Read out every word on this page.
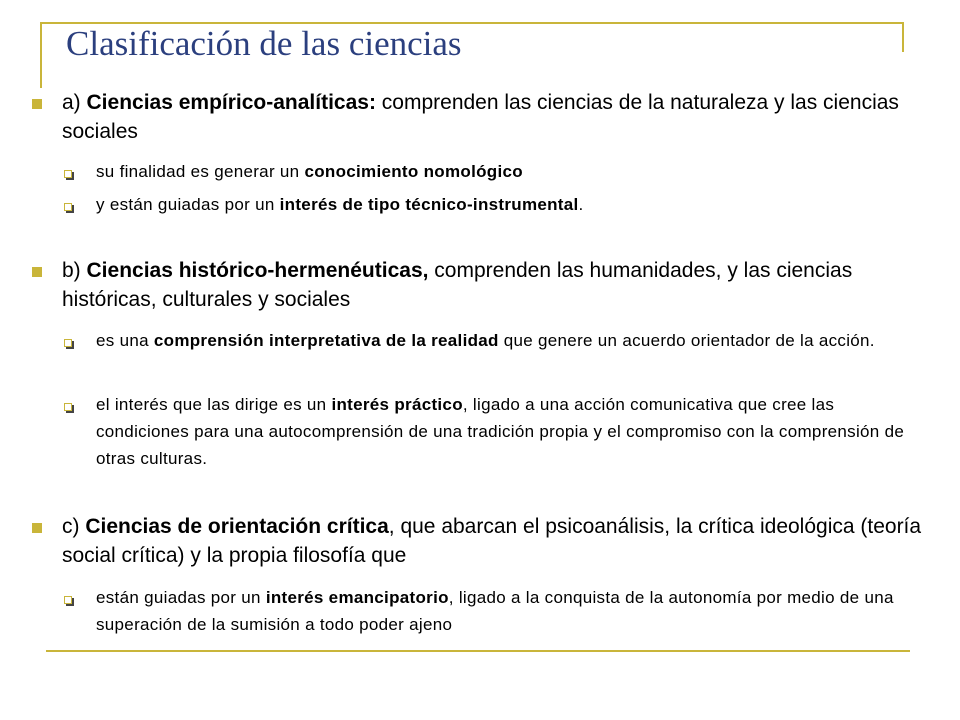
Clasificación de las ciencias
a) Ciencias empírico-analíticas: comprenden las ciencias de la naturaleza y las ciencias sociales
su finalidad es generar un conocimiento nomológico
y están guiadas por un interés de tipo técnico-instrumental.
b) Ciencias histórico-hermenéuticas, comprenden las humanidades, y las ciencias históricas, culturales y sociales
es una comprensión interpretativa de la realidad que genere un acuerdo orientador de la acción.
el interés que las dirige es un interés práctico, ligado a una acción comunicativa que cree las condiciones para una autocomprensión de una tradición propia y el compromiso con la comprensión de otras culturas.
c) Ciencias de orientación crítica, que abarcan el psicoanálisis, la crítica ideológica (teoría social crítica) y la propia filosofía que
están guiadas por un interés emancipatorio, ligado a la conquista de la autonomía por medio de una superación de la sumisión a todo poder ajeno
